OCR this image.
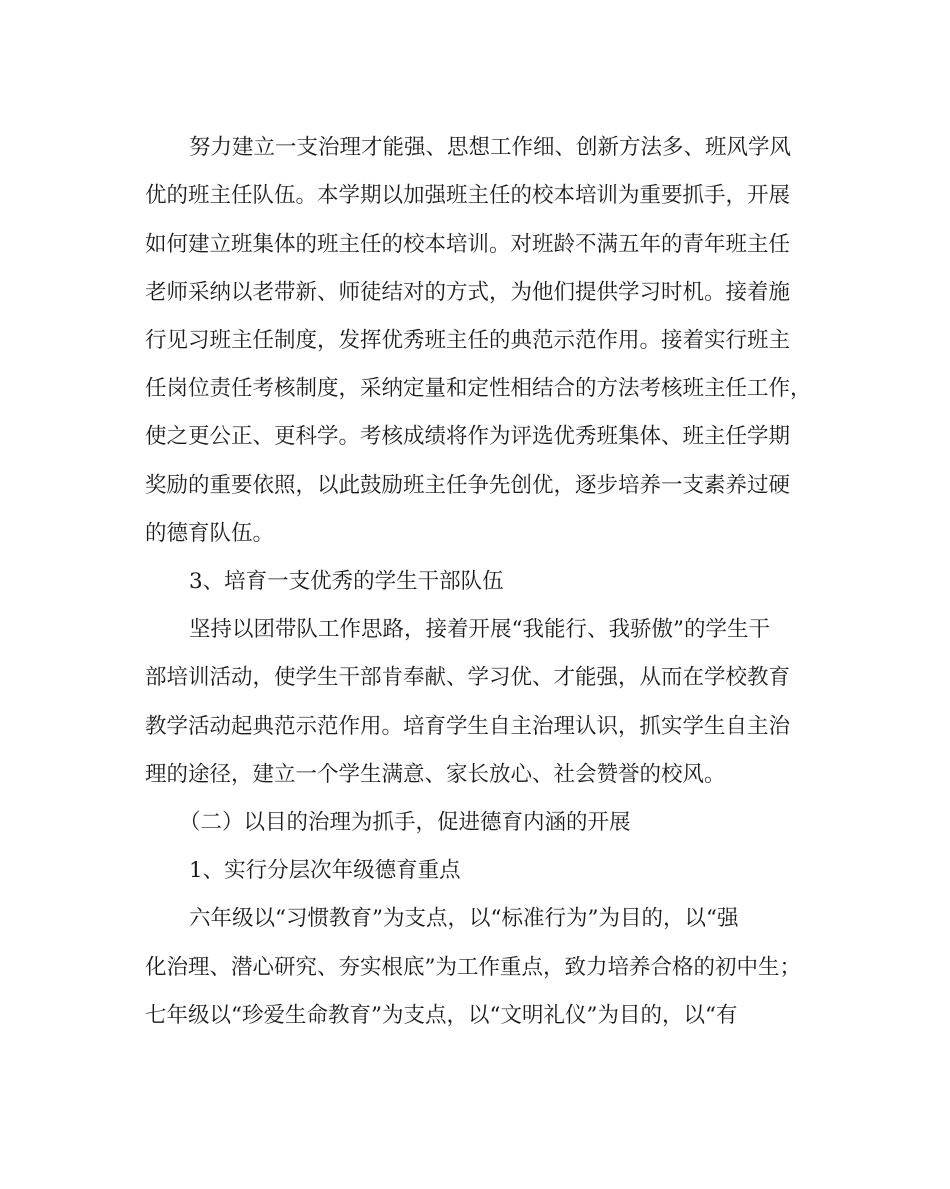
努力建立一支治理才能强、思想工作细、创新方法多、班风学风
优的班主任队伍。本学期以加强班主任的校本培训为重要抓手，开展
如何建立班集体的班主任的校本培训。对班龄不满五年的青年班主任
老师采纳以老带新、师徒结对的方式，为他们提供学习时机。接着施
行见习班主任制度，发挥优秀班主任的典范示范作用。接着实行班主
任岗位责任考核制度，采纳定量和定性相结合的方法考核班主任工作，
使之更公正、更科学。考核成绩将作为评选优秀班集体、班主任学期
奖励的重要依照，以此鼓励班主任争先创优，逐步培养一支素养过硬
的德育队伍。
3、培育一支优秀的学生干部队伍
坚持以团带队工作思路，接着开展“我能行、我骄傲”的学生干
部培训活动，使学生干部肯奉献、学习优、才能强，从而在学校教育
教学活动起典范示范作用。培育学生自主治理认识，抓实学生自主治
理的途径，建立一个学生满意、家长放心、社会赞誉的校风。
（二）以目的治理为抓手，促进德育内涵的开展
1、实行分层次年级德育重点
六年级以“习惯教育”为支点，以“标准行为”为目的，以“强
化治理、潜心研究、夯实根底”为工作重点，致力培养合格的初中生；
七年级以“珍爱生命教育”为支点，以“文明礼仪”为目的，以“有
